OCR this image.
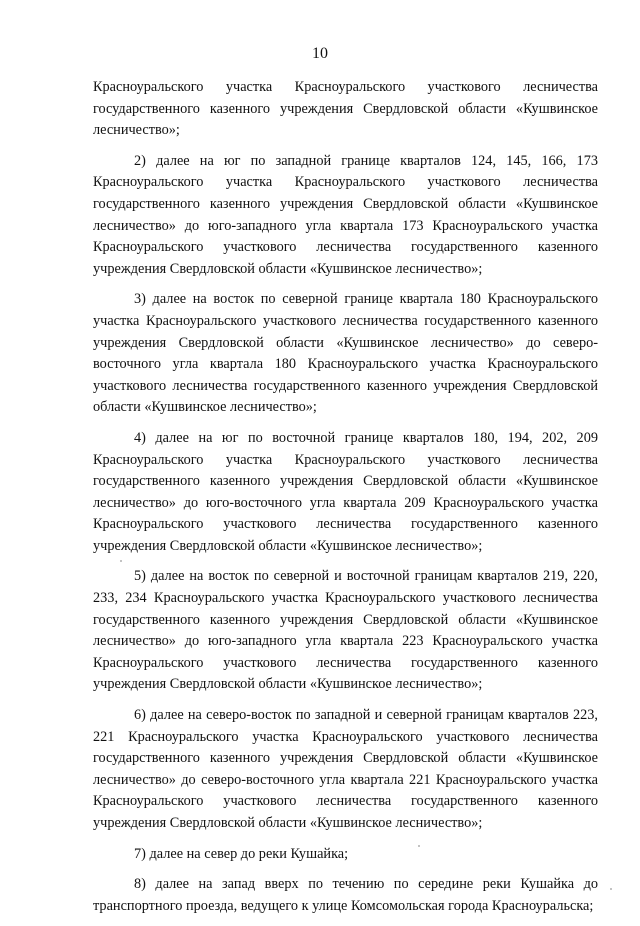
10

Красноуральского участка Красноуральского участкового лесничества государственного казенного учреждения Свердловской области «Кушвинское лесничество»;

2) далее на юг по западной границе кварталов 124, 145, 166, 173 Красноуральского участка Красноуральского участкового лесничества государственного казенного учреждения Свердловской области «Кушвинское лесничество» до юго-западного угла квартала 173 Красноуральского участка Красноуральского участкового лесничества государственного казенного учреждения Свердловской области «Кушвинское лесничество»;

3) далее на восток по северной границе квартала 180 Красноуральского участка Красноуральского участкового лесничества государственного казенного учреждения Свердловской области «Кушвинское лесничество» до северо-восточного угла квартала 180 Красноуральского участка Красноуральского участкового лесничества государственного казенного учреждения Свердловской области «Кушвинское лесничество»;

4) далее на юг по восточной границе кварталов 180, 194, 202, 209 Красноуральского участка Красноуральского участкового лесничества государственного казенного учреждения Свердловской области «Кушвинское лесничество» до юго-восточного угла квартала 209 Красноуральского участка Красноуральского участкового лесничества государственного казенного учреждения Свердловской области «Кушвинское лесничество»;

5) далее на восток по северной и восточной границам кварталов 219, 220, 233, 234 Красноуральского участка Красноуральского участкового лесничества государственного казенного учреждения Свердловской области «Кушвинское лесничество» до юго-западного угла квартала 223 Красноуральского участка Красноуральского участкового лесничества государственного казенного учреждения Свердловской области «Кушвинское лесничество»;

6) далее на северо-восток по западной и северной границам кварталов 223, 221 Красноуральского участка Красноуральского участкового лесничества государственного казенного учреждения Свердловской области «Кушвинское лесничество» до северо-восточного угла квартала 221 Красноуральского участка Красноуральского участкового лесничества государственного казенного учреждения Свердловской области «Кушвинское лесничество»;

7) далее на север до реки Кушайка;

8) далее на запад вверх по течению по середине реки Кушайка до транспортного проезда, ведущего к улице Комсомольская города Красноуральска;
